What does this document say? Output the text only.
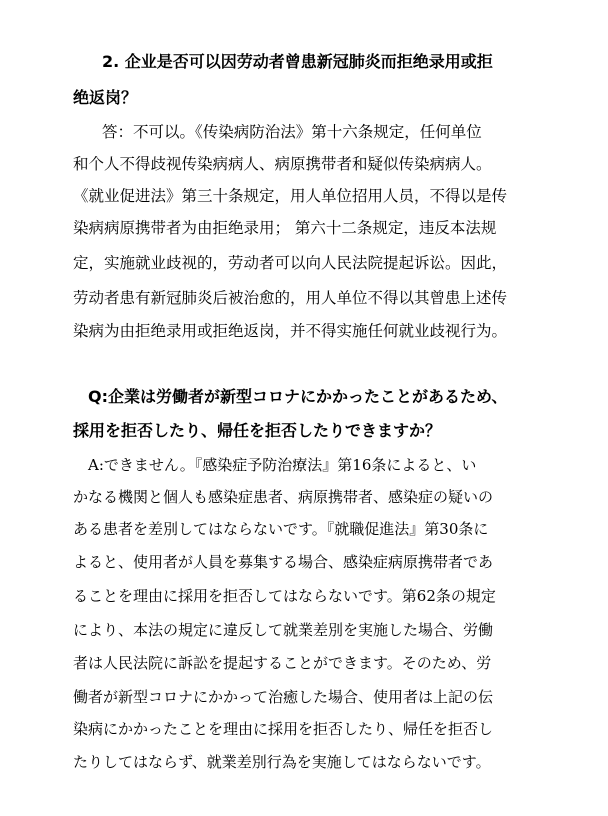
2. 企业是否可以因劳动者曾患新冠肺炎而拒绝录用或拒

绝返岗？

答：不可以。《传染病防治法》第十六条规定，任何单位

和个人不得歧视传染病病人、病原携带者和疑似传染病病人。

《就业促进法》第三十条规定，用人单位招用人员，不得以是传

染病病原携带者为由拒绝录用； 第六十二条规定，违反本法规

定，实施就业歧视的，劳动者可以向人民法院提起诉讼。因此，

劳动者患有新冠肺炎后被治愈的，用人单位不得以其曾患上述传

染病为由拒绝录用或拒绝返岗，并不得实施任何就业歧视行为。

Q:企業は労働者が新型コロナにかかったことがあるため、

採用を拒否したり、帰任を拒否したりできますか？

A:できません。『感染症予防治療法』第16条によると、い

かなる機関と個人も感染症患者、病原携帯者、感染症の疑いの

ある患者を差別してはならないです。『就職促進法』第30条に

よると、使用者が人員を募集する場合、感染症病原携帯者であ

ることを理由に採用を拒否してはならないです。第62条の規定

により、本法の規定に違反して就業差別を実施した場合、労働

者は人民法院に訴訟を提起することができます。そのため、労

働者が新型コロナにかかって治癒した場合、使用者は上記の伝

染病にかかったことを理由に採用を拒否したり、帰任を拒否し

たりしてはならず、就業差別行為を実施してはならないです。
